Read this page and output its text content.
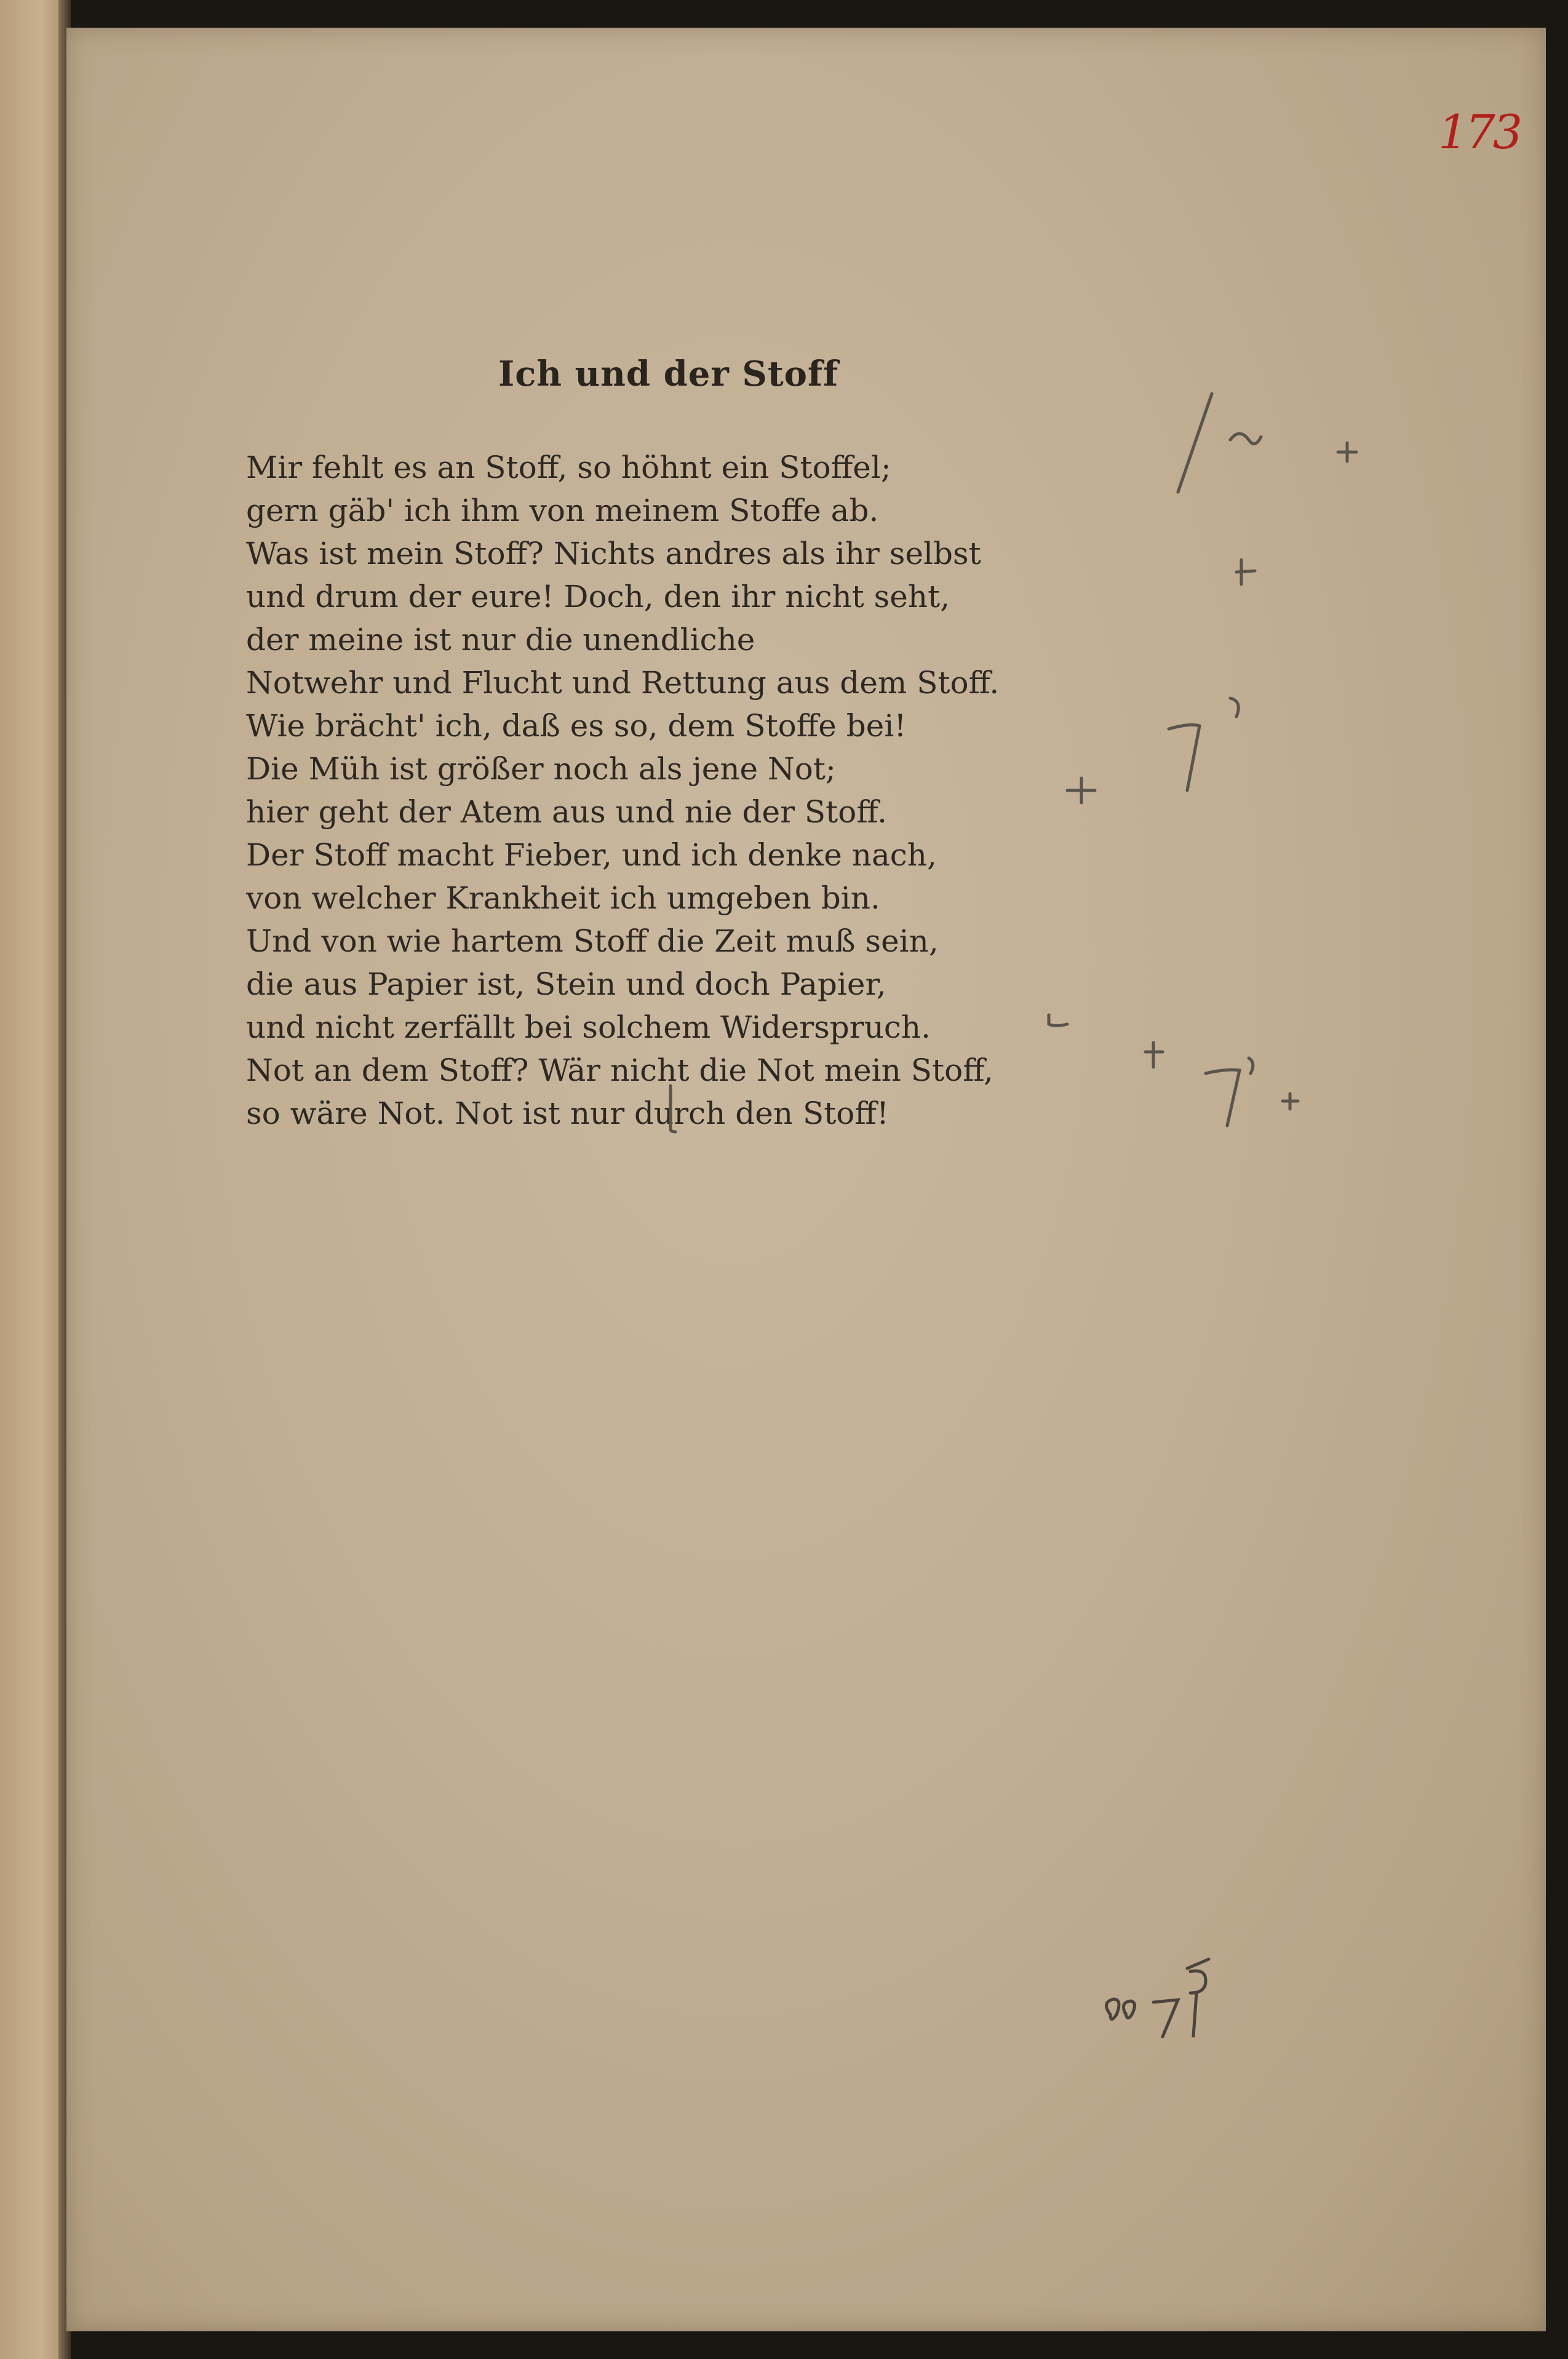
173
Ich und der Stoff
Mir fehlt es an Stoff, so höhnt ein Stoffel;
gern gäb' ich ihm von meinem Stoffe ab.
Was ist mein Stoff? Nichts andres als ihr selbst
und drum der eure! Doch, den ihr nicht seht,
der meine ist nur die unendliche
Notwehr und Flucht und Rettung aus dem Stoff.
Wie brächt' ich, daß es so, dem Stoffe bei!
Die Müh ist größer noch als jene Not;
hier geht der Atem aus und nie der Stoff.
Der Stoff macht Fieber, und ich denke nach,
von welcher Krankheit ich umgeben bin.
Und von wie hartem Stoff die Zeit muß sein,
die aus Papier ist, Stein und doch Papier,
und nicht zerfällt bei solchem Widerspruch.
Not an dem Stoff? Wär nicht die Not mein Stoff,
so wäre Not. Not ist nur durch den Stoff!
